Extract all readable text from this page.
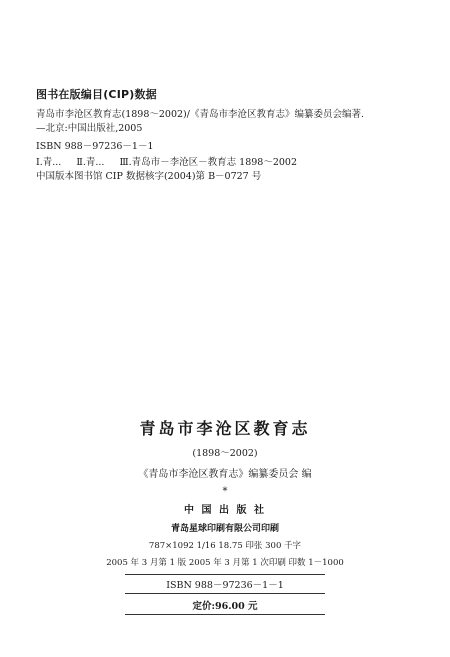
图书在版编目(CIP)数据
青岛市李沧区教育志(1898～2002)/《青岛市李沧区教育志》编纂委员会编著.
—北京:中国出版社,2005
ISBN 988－97236－1－1
Ⅰ.青... Ⅱ.青... Ⅲ.青岛市－李沧区－教育志 1898～2002
中国版本图书馆 CIP 数据核字(2004)第 B－0727 号
青岛市李沧区教育志
(1898～2002)
《青岛市李沧区教育志》编纂委员会 编
*
中 国 出 版 社
青岛星球印刷有限公司印刷
787×1092 1/16 18.75 印张 300 千字
2005 年 3 月第 1 版 2005 年 3 月第 1 次印刷 印数 1－1000
ISBN 988－97236－1－1
定价:96.00 元
